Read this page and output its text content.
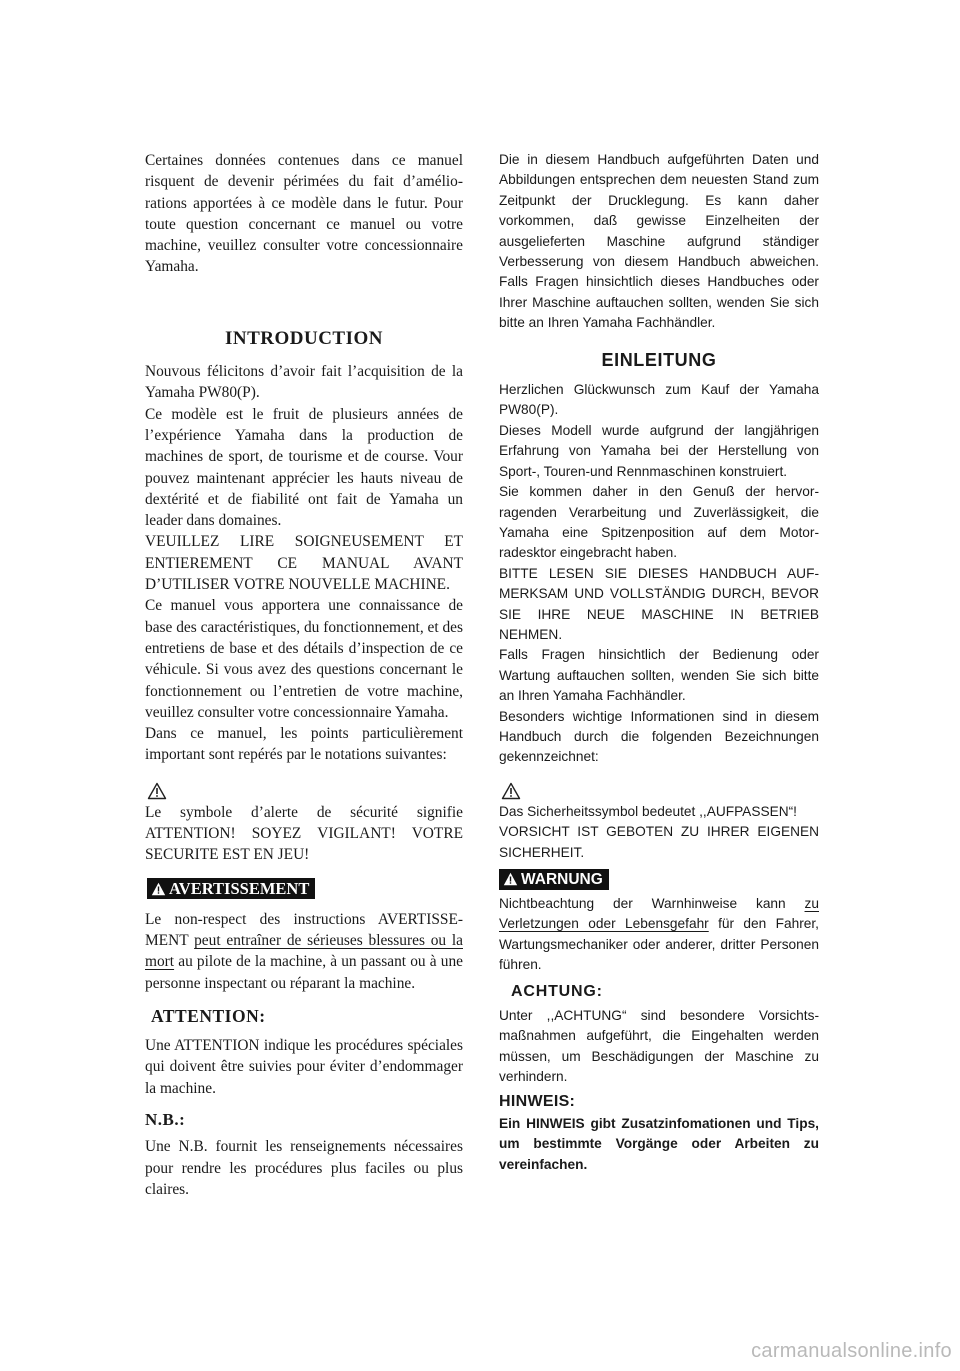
Certaines données contenues dans ce manuel risquent de devenir périmées du fait d’améliorations apportées à ce modèle dans le futur. Pour toute question concernant ce manuel ou votre machine, veuillez consulter votre concessionnaire Yamaha.

INTRODUCTION

Nouvous félicitons d’avoir fait l’acquisition de la Yamaha PW80(P).

Ce modèle est le fruit de plusieurs années de l’expérience Yamaha dans la production de machines de sport, de tourisme et de course. Vour pouvez maintenant apprécier les hauts niveau de dextérité et de fiabilité ont fait de Yamaha un leader dans domaines.

VEUILLEZ LIRE SOIGNEUSEMENT ET ENTIEREMENT CE MANUAL AVANT D’UTILISER VOTRE NOUVELLE MACHINE.

Ce manuel vous apportera une connaissance de base des caractéristiques, du fonctionnement, et des entretiens de base et des détails d’inspection de ce véhicule. Si vous avez des questions concernant le fonctionnement ou l’entretien de votre machine, veuillez consulter votre concessionnaire Yamaha.

Dans ce manuel, les points particulièrement important sont repérés par le notations suivantes:

Le symbole d’alerte de sécurité signifie ATTENTION! SOYEZ VIGILANT! VOTRE SECURITE EST EN JEU!

AVERTISSEMENT

Le non-respect des instructions AVERTISSEMENT peut entraîner de sérieuses blessures ou la mort au pilote de la machine, à un passant ou à une personne inspectant ou réparant la machine.

ATTENTION:

Une ATTENTION indique les procédures spéciales qui doivent être suivies pour éviter d’endommager la machine.

N.B.:

Une N.B. fournit les renseignements nécessaires pour rendre les procédures plus faciles ou plus claires.

Die in diesem Handbuch aufgeführten Daten und Abbildungen entsprechen dem neuesten Stand zum Zeitpunkt der Drucklegung. Es kann daher vorkommen, daß gewisse Einzelheiten der ausgelieferten Maschine aufgrund ständiger Verbesserung von diesem Handbuch abweichen. Falls Fragen hinsichtlich dieses Handbuches oder Ihrer Maschine auftauchen sollten, wenden Sie sich bitte an Ihren Yamaha Fachhändler.

EINLEITUNG

Herzlichen Glückwunsch zum Kauf der Yamaha PW80(P).

Dieses Modell wurde aufgrund der langjährigen Erfahrung von Yamaha bei der Herstellung von Sport-, Touren-und Rennmaschinen konstruiert.

Sie kommen daher in den Genuß der hervorragenden Verarbeitung und Zuverlässigkeit, die Yamaha eine Spitzenposition auf dem Motorradesktor eingebracht haben.

BITTE LESEN SIE DIESES HANDBUCH AUFMERKSAM UND VOLLSTÄNDIG DURCH, BEVOR SIE IHRE NEUE MASCHINE IN BETRIEB NEHMEN.

Falls Fragen hinsichtlich der Bedienung oder Wartung auftauchen sollten, wenden Sie sich bitte an Ihren Yamaha Fachhändler.

Besonders wichtige Informationen sind in diesem Handbuch durch die folgenden Bezeichnungen gekennzeichnet:

Das Sicherheitssymbol bedeutet ,,AUFPASSEN“!

VORSICHT IST GEBOTEN ZU IHRER EIGENEN SICHERHEIT.

WARNUNG

Nichtbeachtung der Warnhinweise kann zu Verletzungen oder Lebensgefahr für den Fahrer, Wartungsmechaniker oder anderer, dritter Personen führen.

ACHTUNG:

Unter ,,ACHTUNG“ sind besondere Vorsichtsmaßnahmen aufgeführt, die Eingehalten werden müssen, um Beschädigungen der Maschine zu verhindern.

HINWEIS:

Ein HINWEIS gibt Zusatzinfomationen und Tips, um bestimmte Vorgänge oder Arbeiten zu vereinfachen.

carmanualsonline.info
